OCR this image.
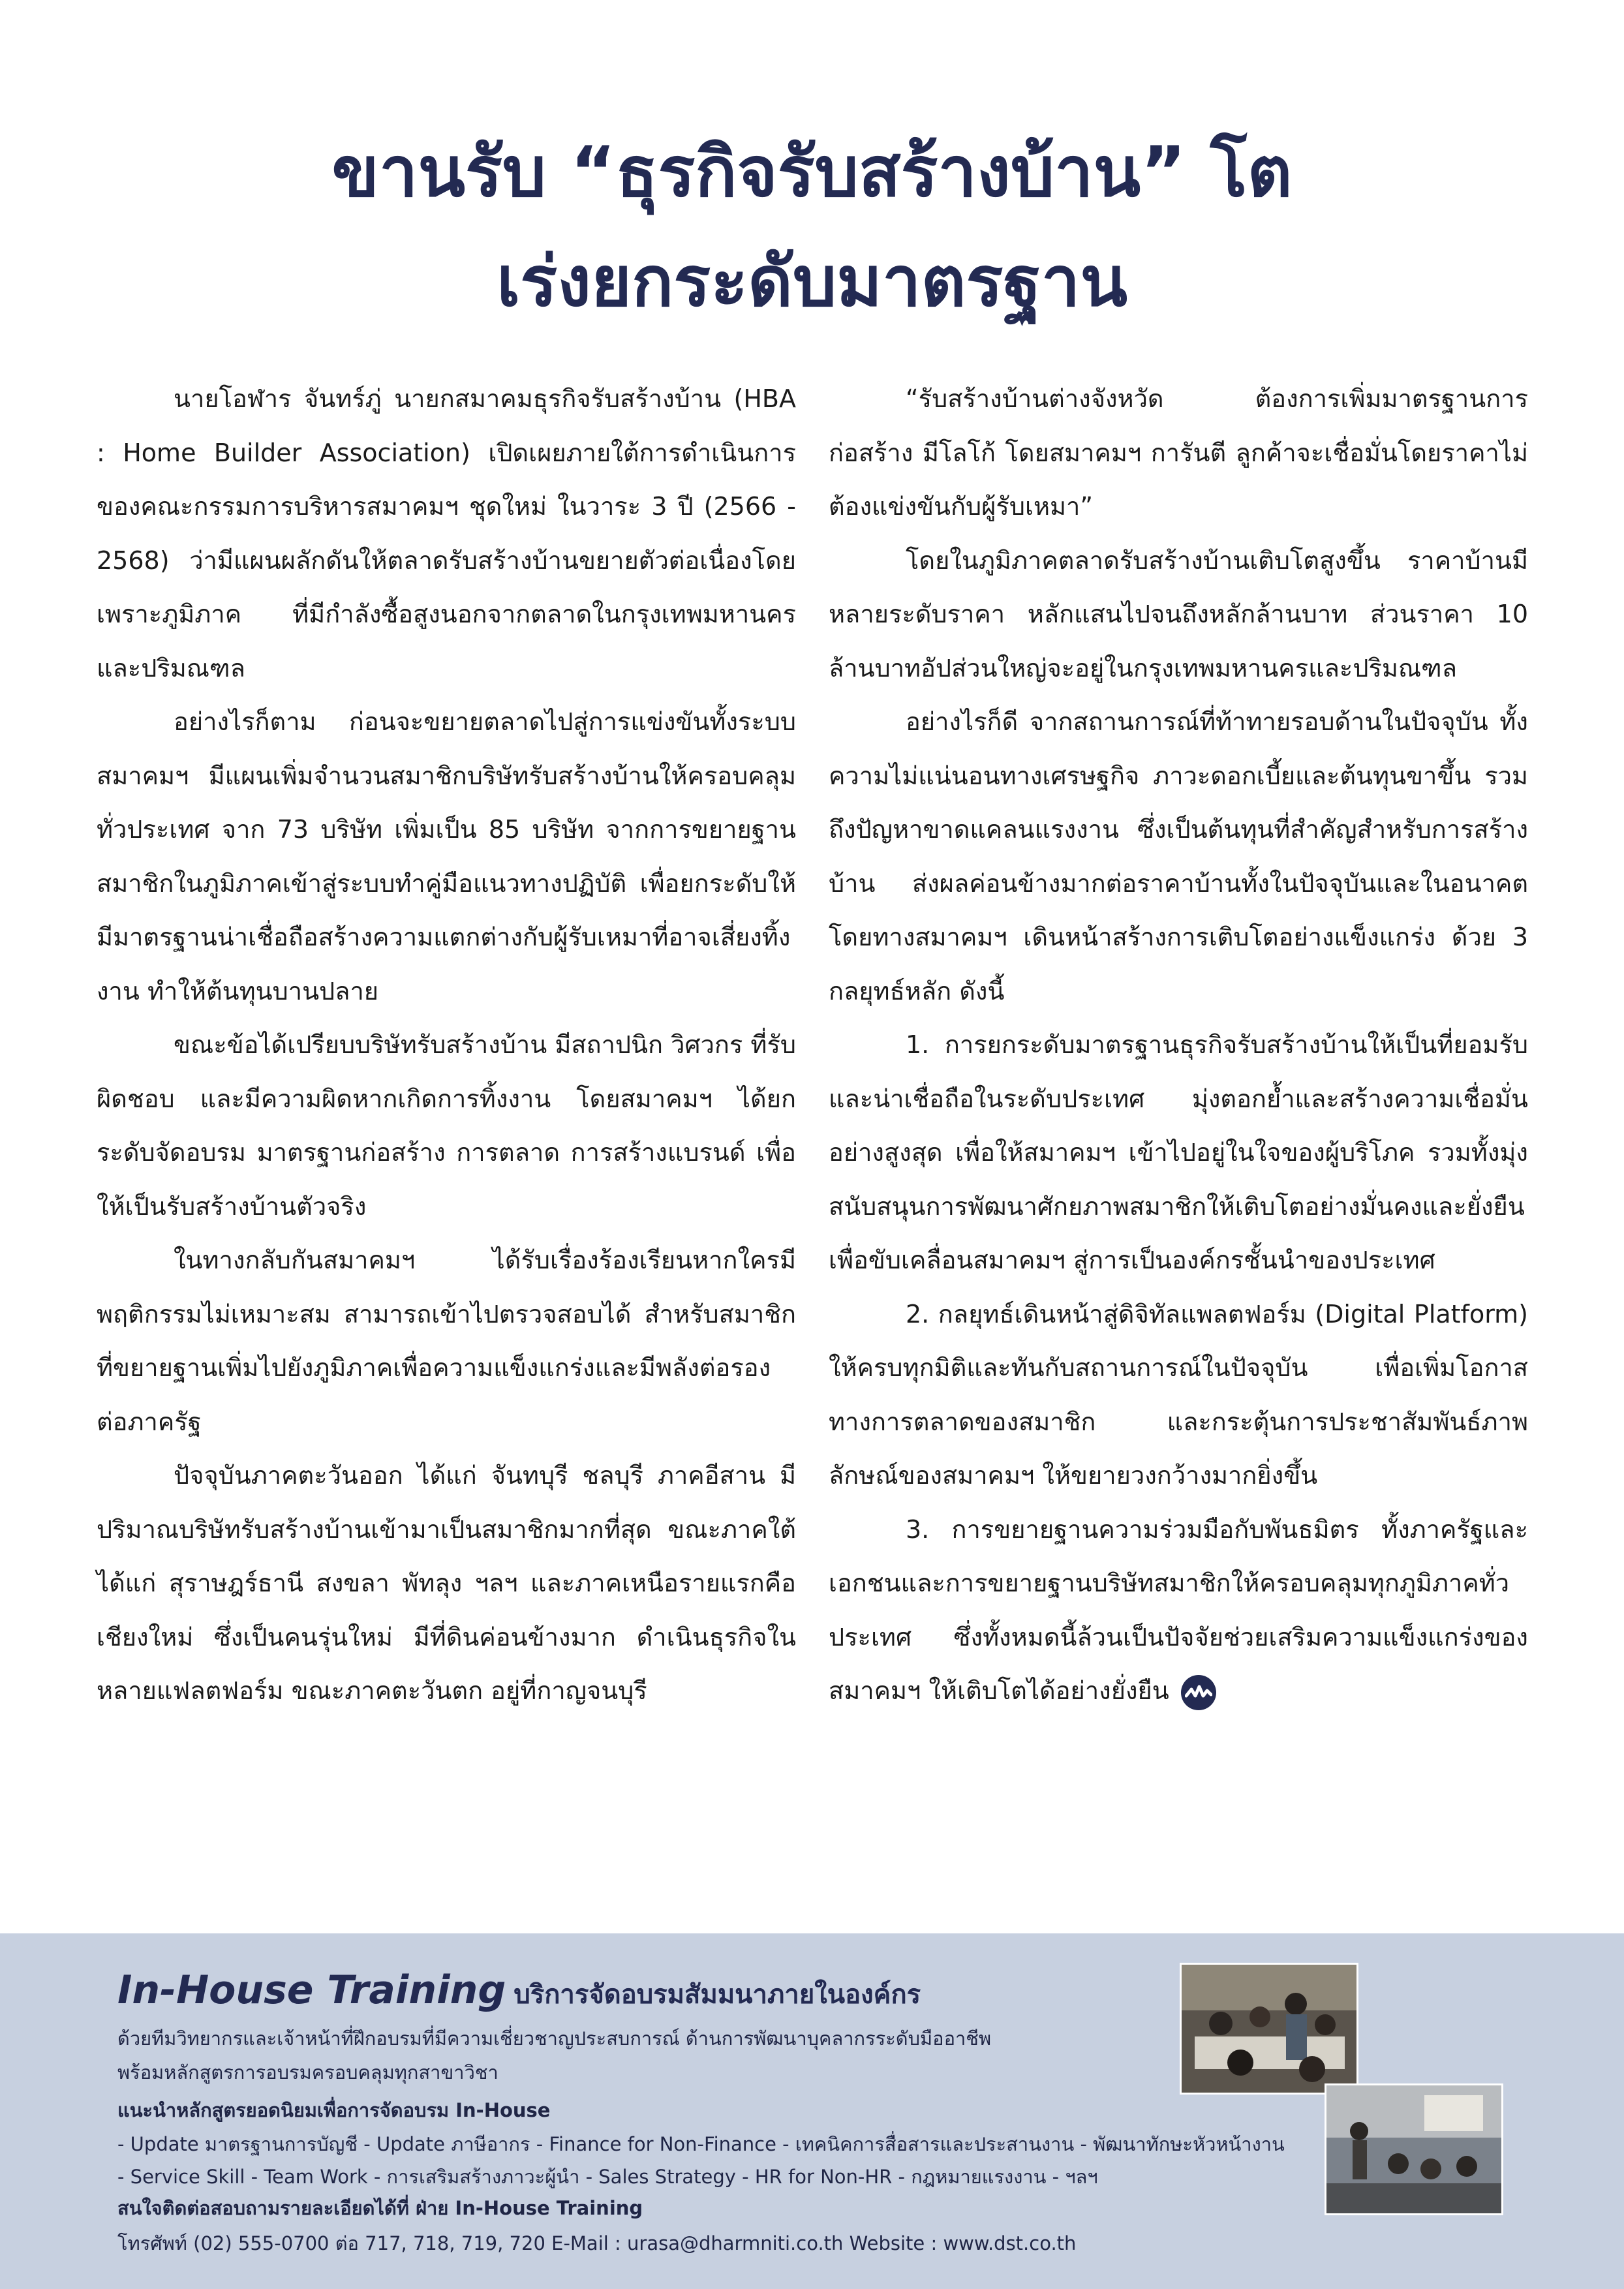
ขานรับ “ธุรกิจรับสร้างบ้าน” โต
เร่งยกระดับมาตรฐาน

นายโอฬาร จันทร์ภู่ นายกสมาคมธุรกิจรับสร้างบ้าน (HBA : Home Builder Association) เปิดเผยภายใต้การดำเนินการของคณะกรรมการบริหารสมาคมฯ ชุดใหม่ ในวาระ 3 ปี (2566 - 2568) ว่ามีแผนผลักดันให้ตลาดรับสร้างบ้านขยายตัวต่อเนื่องโดยเพราะภูมิภาค ที่มีกำลังซื้อสูงนอกจากตลาดในกรุงเทพมหานครและปริมณฑล

อย่างไรก็ตาม ก่อนจะขยายตลาดไปสู่การแข่งขันทั้งระบบ สมาคมฯ มีแผนเพิ่มจำนวนสมาชิกบริษัทรับสร้างบ้านให้ครอบคลุมทั่วประเทศ จาก 73 บริษัท เพิ่มเป็น 85 บริษัท จากการขยายฐานสมาชิกในภูมิภาคเข้าสู่ระบบทำคู่มือแนวทางปฏิบัติ เพื่อยกระดับให้มีมาตรฐานน่าเชื่อถือสร้างความแตกต่างกับผู้รับเหมาที่อาจเสี่ยงทิ้งงาน ทำให้ต้นทุนบานปลาย

ขณะข้อได้เปรียบบริษัทรับสร้างบ้าน มีสถาปนิก วิศวกร ที่รับผิดชอบ และมีความผิดหากเกิดการทิ้งงาน โดยสมาคมฯ ได้ยกระดับจัดอบรม มาตรฐานก่อสร้าง การตลาด การสร้างแบรนด์ เพื่อให้เป็นรับสร้างบ้านตัวจริง

ในทางกลับกันสมาคมฯ ได้รับเรื่องร้องเรียนหากใครมีพฤติกรรมไม่เหมาะสม สามารถเข้าไปตรวจสอบได้ สำหรับสมาชิกที่ขยายฐานเพิ่มไปยังภูมิภาคเพื่อความแข็งแกร่งและมีพลังต่อรองต่อภาครัฐ

ปัจจุบันภาคตะวันออก ได้แก่ จันทบุรี ชลบุรี ภาคอีสาน มีปริมาณบริษัทรับสร้างบ้านเข้ามาเป็นสมาชิกมากที่สุด ขณะภาคใต้ ได้แก่ สุราษฎร์ธานี สงขลา พัทลุง ฯลฯ และภาคเหนือรายแรกคือ เชียงใหม่ ซึ่งเป็นคนรุ่นใหม่ มีที่ดินค่อนข้างมาก ดำเนินธุรกิจในหลายแฟลตฟอร์ม ขณะภาคตะวันตก อยู่ที่กาญจนบุรี

“รับสร้างบ้านต่างจังหวัด ต้องการเพิ่มมาตรฐานการก่อสร้าง มีโลโก้ โดยสมาคมฯ การันตี ลูกค้าจะเชื่อมั่นโดยราคาไม่ต้องแข่งขันกับผู้รับเหมา”

โดยในภูมิภาคตลาดรับสร้างบ้านเติบโตสูงขึ้น ราคาบ้านมีหลายระดับราคา หลักแสนไปจนถึงหลักล้านบาท ส่วนราคา 10 ล้านบาทอัปส่วนใหญ่จะอยู่ในกรุงเทพมหานครและปริมณฑล

อย่างไรก็ดี จากสถานการณ์ที่ท้าทายรอบด้านในปัจจุบัน ทั้งความไม่แน่นอนทางเศรษฐกิจ ภาวะดอกเบี้ยและต้นทุนขาขึ้น รวมถึงปัญหาขาดแคลนแรงงาน ซึ่งเป็นต้นทุนที่สำคัญสำหรับการสร้างบ้าน ส่งผลค่อนข้างมากต่อราคาบ้านทั้งในปัจจุบันและในอนาคต โดยทางสมาคมฯ เดินหน้าสร้างการเติบโตอย่างแข็งแกร่ง ด้วย 3 กลยุทธ์หลัก ดังนี้

1. การยกระดับมาตรฐานธุรกิจรับสร้างบ้านให้เป็นที่ยอมรับและน่าเชื่อถือในระดับประเทศ มุ่งตอกย้ำและสร้างความเชื่อมั่นอย่างสูงสุด เพื่อให้สมาคมฯ เข้าไปอยู่ในใจของผู้บริโภค รวมทั้งมุ่งสนับสนุนการพัฒนาศักยภาพสมาชิกให้เติบโตอย่างมั่นคงและยั่งยืน เพื่อขับเคลื่อนสมาคมฯ สู่การเป็นองค์กรชั้นนำของประเทศ

2. กลยุทธ์เดินหน้าสู่ดิจิทัลแพลตฟอร์ม (Digital Platform) ให้ครบทุกมิติและทันกับสถานการณ์ในปัจจุบัน เพื่อเพิ่มโอกาสทางการตลาดของสมาชิก และกระตุ้นการประชาสัมพันธ์ภาพลักษณ์ของสมาคมฯ ให้ขยายวงกว้างมากยิ่งขึ้น

3. การขยายฐานความร่วมมือกับพันธมิตร ทั้งภาครัฐและเอกชนและการขยายฐานบริษัทสมาชิกให้ครอบคลุมทุกภูมิภาคทั่วประเทศ ซึ่งทั้งหมดนี้ล้วนเป็นปัจจัยช่วยเสริมความแข็งแกร่งของสมาคมฯ ให้เติบโตได้อย่างยั่งยืน

In-House Training บริการจัดอบรมสัมมนาภายในองค์กร
ด้วยทีมวิทยากรและเจ้าหน้าที่ฝึกอบรมที่มีความเชี่ยวชาญประสบการณ์ ด้านการพัฒนาบุคลากรระดับมืออาชีพ
พร้อมหลักสูตรการอบรมครอบคลุมทุกสาขาวิชา
แนะนำหลักสูตรยอดนิยมเพื่อการจัดอบรม In-House
- Update มาตรฐานการบัญชี - Update ภาษีอากร - Finance for Non-Finance - เทคนิคการสื่อสารและประสานงาน - พัฒนาทักษะหัวหน้างาน
- Service Skill - Team Work - การเสริมสร้างภาวะผู้นำ - Sales Strategy - HR for Non-HR - กฎหมายแรงงาน - ฯลฯ
สนใจติดต่อสอบถามรายละเอียดได้ที่ ฝ่าย In-House Training
โทรศัพท์ (02) 555-0700 ต่อ 717, 718, 719, 720 E-Mail : urasa@dharmniti.co.th Website : www.dst.co.th
